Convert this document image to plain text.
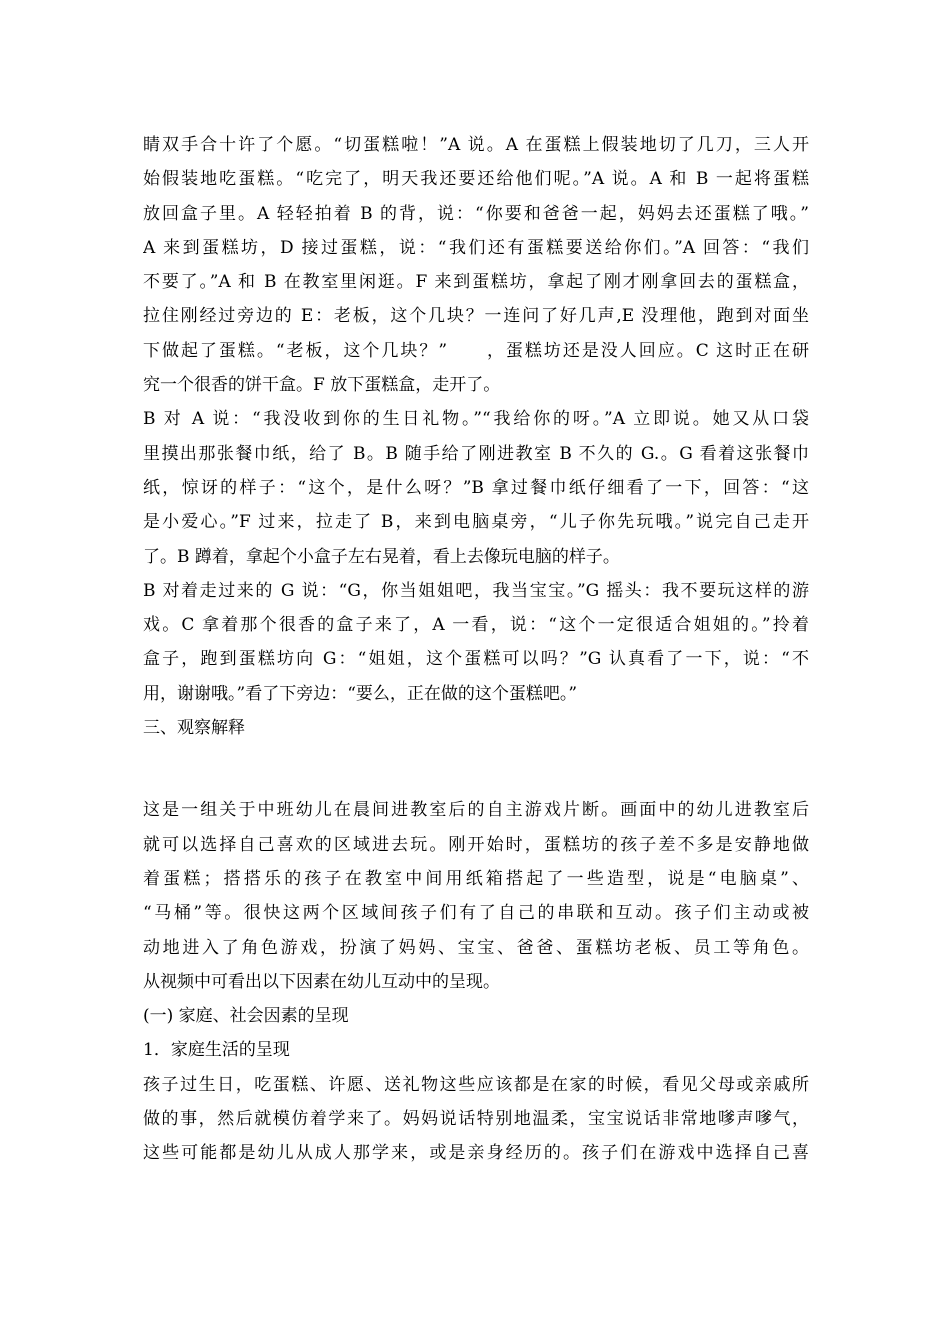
睛双手合十许了个愿。“切蛋糕啦！”A 说。A 在蛋糕上假装地切了几刀，三人开
始假装地吃蛋糕。“吃完了，明天我还要还给他们呢。”A 说。A 和 B 一起将蛋糕
放回盒子里。A 轻轻拍着 B 的背，说：“你要和爸爸一起，妈妈去还蛋糕了哦。”
A 来到蛋糕坊，D 接过蛋糕，说：“我们还有蛋糕要送给你们。”A 回答：“我们
不要了。”A 和 B 在教室里闲逛。F 来到蛋糕坊，拿起了刚才刚拿回去的蛋糕盒，
拉住刚经过旁边的 E：老板，这个几块？一连问了好几声,E 没理他，跑到对面坐
下做起了蛋糕。“老板，这个几块？”　　，蛋糕坊还是没人回应。C 这时正在研
究一个很香的饼干盒。F 放下蛋糕盒，走开了。
B 对 A 说：“我没收到你的生日礼物。”“我给你的呀。”A 立即说。她又从口袋
里摸出那张餐巾纸，给了 B。B 随手给了刚进教室 B 不久的 G.。G 看着这张餐巾
纸，惊讶的样子：“这个，是什么呀？”B 拿过餐巾纸仔细看了一下，回答：“这
是小爱心。”F 过来，拉走了 B，来到电脑桌旁，“儿子你先玩哦。”说完自己走开
了。B 蹲着，拿起个小盒子左右晃着，看上去像玩电脑的样子。
B 对着走过来的 G 说：“G，你当姐姐吧，我当宝宝。”G 摇头：我不要玩这样的游
戏。C 拿着那个很香的盒子来了，A 一看，说：“这个一定很适合姐姐的。”拎着
盒子，跑到蛋糕坊向 G：“姐姐，这个蛋糕可以吗？”G 认真看了一下，说：“不
用，谢谢哦。”看了下旁边：“要么，正在做的这个蛋糕吧。”
三、观察解释
这是一组关于中班幼儿在晨间进教室后的自主游戏片断。画面中的幼儿进教室后
就可以选择自己喜欢的区域进去玩。刚开始时，蛋糕坊的孩子差不多是安静地做
着蛋糕；搭搭乐的孩子在教室中间用纸箱搭起了一些造型，说是“电脑桌”、
“马桶”等。很快这两个区域间孩子们有了自己的串联和互动。孩子们主动或被
动地进入了角色游戏，扮演了妈妈、宝宝、爸爸、蛋糕坊老板、员工等角色。
从视频中可看出以下因素在幼儿互动中的呈现。
(一) 家庭、社会因素的呈现
1．家庭生活的呈现
孩子过生日，吃蛋糕、许愿、送礼物这些应该都是在家的时候，看见父母或亲戚所
做的事，然后就模仿着学来了。妈妈说话特别地温柔，宝宝说话非常地嗲声嗲气，
这些可能都是幼儿从成人那学来，或是亲身经历的。孩子们在游戏中选择自己喜
